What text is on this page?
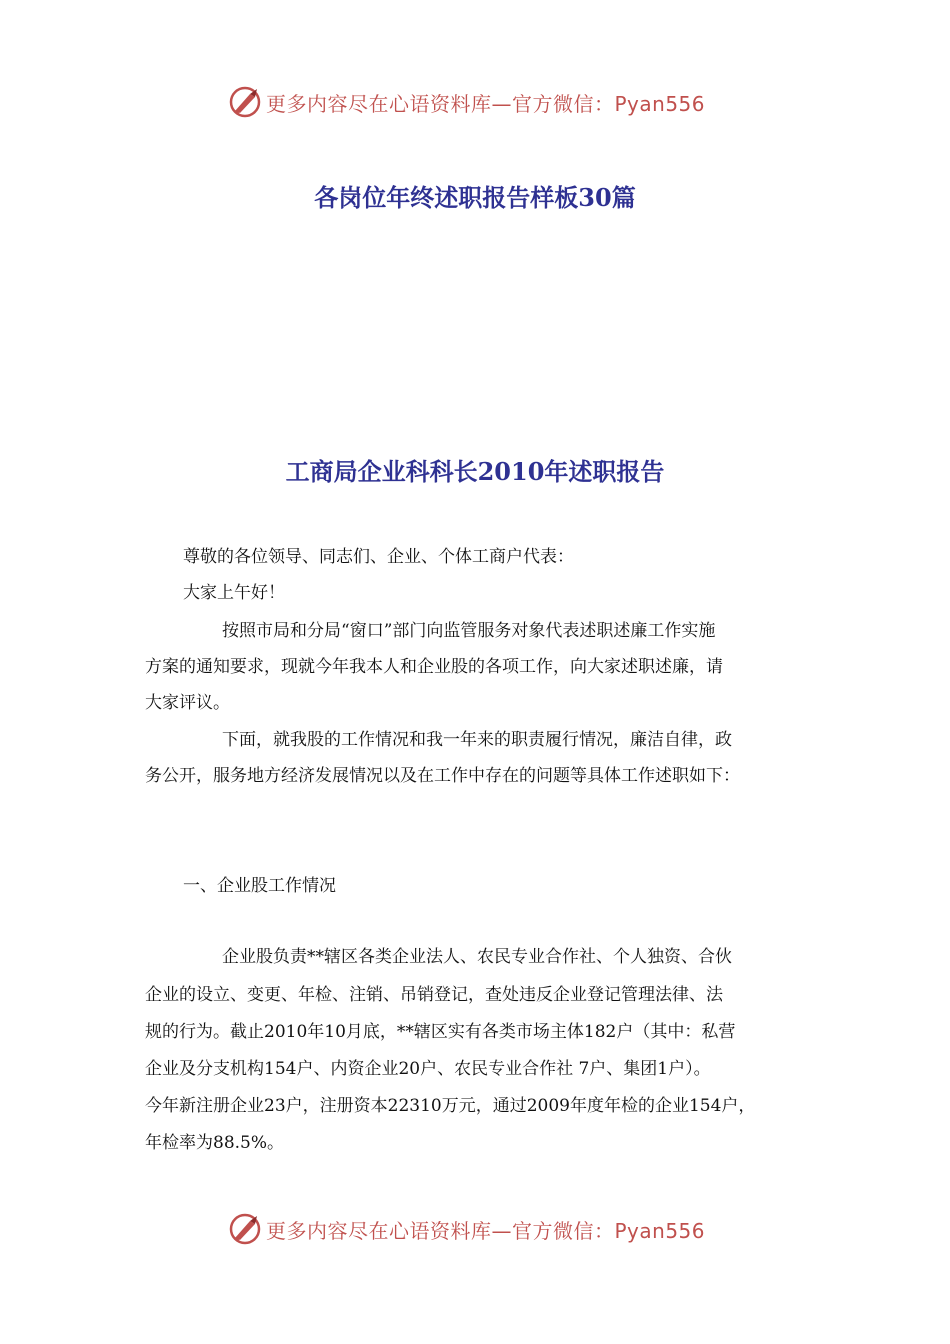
更多内容尽在心语资料库—官方微信：Pyan556
各岗位年终述职报告样板30篇
工商局企业科科长2010年述职报告
尊敬的各位领导、同志们、企业、个体工商户代表：
大家上午好！
按照市局和分局“窗口”部门向监管服务对象代表述职述廉工作实施
方案的通知要求，现就今年我本人和企业股的各项工作，向大家述职述廉，请
大家评议。
下面，就我股的工作情况和我一年来的职责履行情况，廉洁自律，政
务公开，服务地方经济发展情况以及在工作中存在的问题等具体工作述职如下：
一、企业股工作情况
企业股负责**辖区各类企业法人、农民专业合作社、个人独资、合伙
企业的设立、变更、年检、注销、吊销登记，查处违反企业登记管理法律、法
规的行为。截止2010年10月底，**辖区实有各类市场主体182户（其中：私营
企业及分支机构154户、内资企业20户、农民专业合作社 7户、集团1户）。
今年新注册企业23户，注册资本22310万元，通过2009年度年检的企业154户，
年检率为88.5%。
更多内容尽在心语资料库—官方微信：Pyan556
